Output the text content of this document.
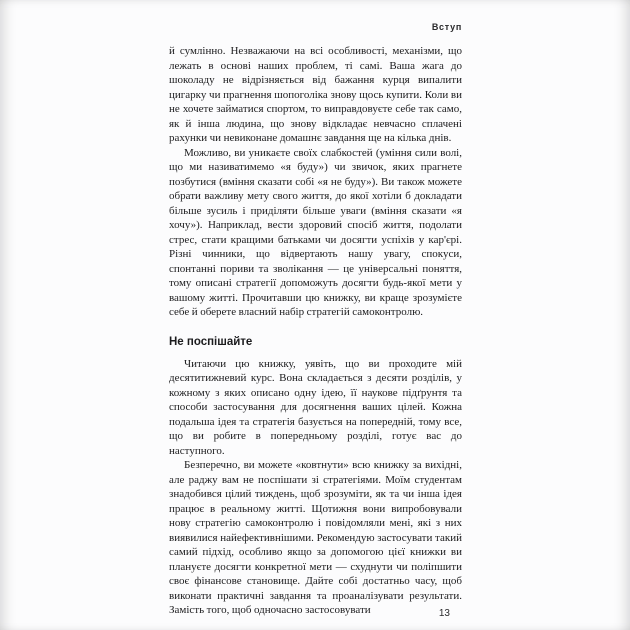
Вступ

й сумлінно. Незважаючи на всі особливості, механізми, що лежать в основі наших проблем, ті самі. Ваша жага до шоколаду не відрізняється від бажання курця випалити цигарку чи прагнення шопоголіка знову щось купити. Коли ви не хочете займатися спортом, то виправдовуєте себе так само, як й інша людина, що знову відкладає невчасно сплачені рахунки чи невиконане домашнє завдання ще на кілька днів.

Можливо, ви уникаєте своїх слабкостей (уміння сили волі, що ми називатимемо «я буду») чи звичок, яких прагнете позбутися (вміння сказати собі «я не буду»). Ви також можете обрати важливу мету свого життя, до якої хотіли б докладати більше зусиль і приділяти більше уваги (вміння сказати «я хочу»). Наприклад, вести здоровий спосіб життя, подолати стрес, стати кращими батьками чи досягти успіхів у кар'єрі. Різні чинники, що відвертають нашу увагу, спокуси, спонтанні пориви та зволікання — це універсальні поняття, тому описані стратегії допоможуть досягти будь-якої мети у вашому житті. Прочитавши цю книжку, ви краще зрозумієте себе й оберете власний набір стратегій самоконтролю.

Не поспішайте

Читаючи цю книжку, уявіть, що ви проходите мій десятитижневий курс. Вона складається з десяти розділів, у кожному з яких описано одну ідею, її наукове підґрунтя та способи застосування для досягнення ваших цілей. Кожна подальша ідея та стратегія базується на попередній, тому все, що ви робите в попередньому розділі, готує вас до наступного.

Безперечно, ви можете «ковтнути» всю книжку за вихідні, але раджу вам не поспішати зі стратегіями. Моїм студентам знадобився цілий тиждень, щоб зрозуміти, як та чи інша ідея працює в реальному житті. Щотижня вони випробовували нову стратегію самоконтролю і повідомляли мені, які з них виявилися найефективнішими. Рекомендую застосувати такий самий підхід, особливо якщо за допомогою цієї книжки ви плануєте досягти конкретної мети — схуднути чи поліпшити своє фінансове становище. Дайте собі достатньо часу, щоб виконати практичні завдання та проаналізувати результати. Замість того, щоб одночасно застосовувати	13
